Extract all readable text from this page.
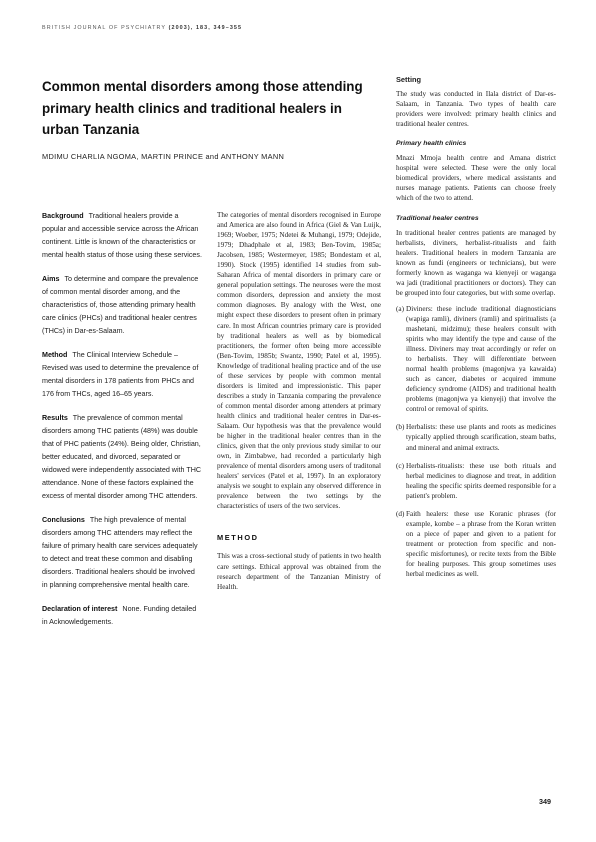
BRITISH JOURNAL OF PSYCHIATRY (2003), 183, 349–355
Common mental disorders among those attending primary health clinics and traditional healers in urban Tanzania
MDIMU CHARLIA NGOMA, MARTIN PRINCE and ANTHONY MANN

Background Traditional healers provide a popular and accessible service across the African continent. Little is known of the characteristics or mental health status of those using these services.

Aims To determine and compare the prevalence of common mental disorder among, and the characteristics of, those attending primary health care clinics (PHCs) and traditional healer centres (THCs) in Dar-es-Salaam.

Method The Clinical Interview Schedule – Revised was used to determine the prevalence of mental disorders in 178 patients from PHCs and 176 from THCs, aged 16–65 years.

Results The prevalence of common mental disorders among THC patients (48%) was double that of PHC patients (24%). Being older, Christian, better educated, and divorced, separated or widowed were independently associated with THC attendance. None of these factors explained the excess of mental disorder among THC attenders.

Conclusions The high prevalence of mental disorders among THC attenders may reflect the failure of primary health care services adequately to detect and treat these common and disabling disorders. Traditional healers should be involved in planning comprehensive mental health care.

Declaration of interest None. Funding detailed in Acknowledgements.

The categories of mental disorders recognised in Europe and America are also found in Africa (Giel & Van Luijk, 1969; Woeber, 1975; Ndetei & Muhangi, 1979; Odejide, 1979; Dhadphale et al, 1983; Ben-Tovim, 1985a; Jacobsen, 1985; Westermeyer, 1985; Bondestam et al, 1990). Stock (1995) identified 14 studies from sub-Saharan Africa of mental disorders in primary care or general population settings. The neuroses were the most common disorders, depression and anxiety the most common diagnoses. By analogy with the West, one might expect these disorders to present often in primary care. In most African countries primary care is provided by traditional healers as well as by biomedical practitioners, the former often being more accessible (Ben-Tovim, 1985b; Swantz, 1990; Patel et al, 1995). Knowledge of traditional healing practice and of the use of these services by people with common mental disorders is limited and impressionistic. This paper describes a study in Tanzania comparing the prevalence of common mental disorder among attenders at primary health clinics and traditional healer centres in Dar-es-Salaam. Our hypothesis was that the prevalence would be higher in the traditional healer centres than in the clinics, given that the only previous study similar to our own, in Zimbabwe, had recorded a particularly high prevalence of mental disorders among users of traditonal healers' services (Patel et al, 1997). In an exploratory analysis we sought to explain any observed difference in prevalence between the two settings by the characteristics of users of the two services.

METHOD

This was a cross-sectional study of patients in two health care settings. Ethical approval was obtained from the research department of the Tanzanian Ministry of Health.

Setting

The study was conducted in Ilala district of Dar-es-Salaam, in Tanzania. Two types of health care providers were involved: primary health clinics and traditional healer centres.

Primary health clinics

Mnazi Mmoja health centre and Amana district hospital were selected. These were the only local biomedical providers, where medical assistants and nurses manage patients. Patients can choose freely which of the two to attend.

Traditional healer centres

In traditional healer centres patients are managed by herbalists, diviners, herbalist-ritualists and faith healers. Traditional healers in modern Tanzania are known as fundi (engineers or technicians), but were formerly known as waganga wa kienyeji or waganga wa jadi (traditional practitioners or doctors). They can be grouped into four categories, but with some overlap.

(a) Diviners: these include traditional diagnosticians (wapiga ramli), diviners (ramli) and spiritualists (a mashetani, midzimu); these healers consult with spirits who may identify the type and cause of the illness. Diviners may treat accordingly or refer on to herbalists. They will differentiate between normal health problems (magonjwa ya kawaida) such as cancer, diabetes or acquired immune deficiency syndrome (AIDS) and traditional health problems (magonjwa ya kienyeji) that involve the control or removal of spirits.
(b) Herbalists: these use plants and roots as medicines typically applied through scarification, steam baths, and mineral and animal extracts.
(c) Herbalists-ritualists: these use both rituals and herbal medicines to diagnose and treat, in addition healing the specific spirits deemed responsible for a patient's problem.
(d) Faith healers: these use Koranic phrases (for example, kombe – a phrase from the Koran written on a piece of paper and given to a patient for treatment or protection from specific and non-specific misfortunes), or recite texts from the Bible for healing purposes. This group sometimes uses herbal medicines as well.
349
